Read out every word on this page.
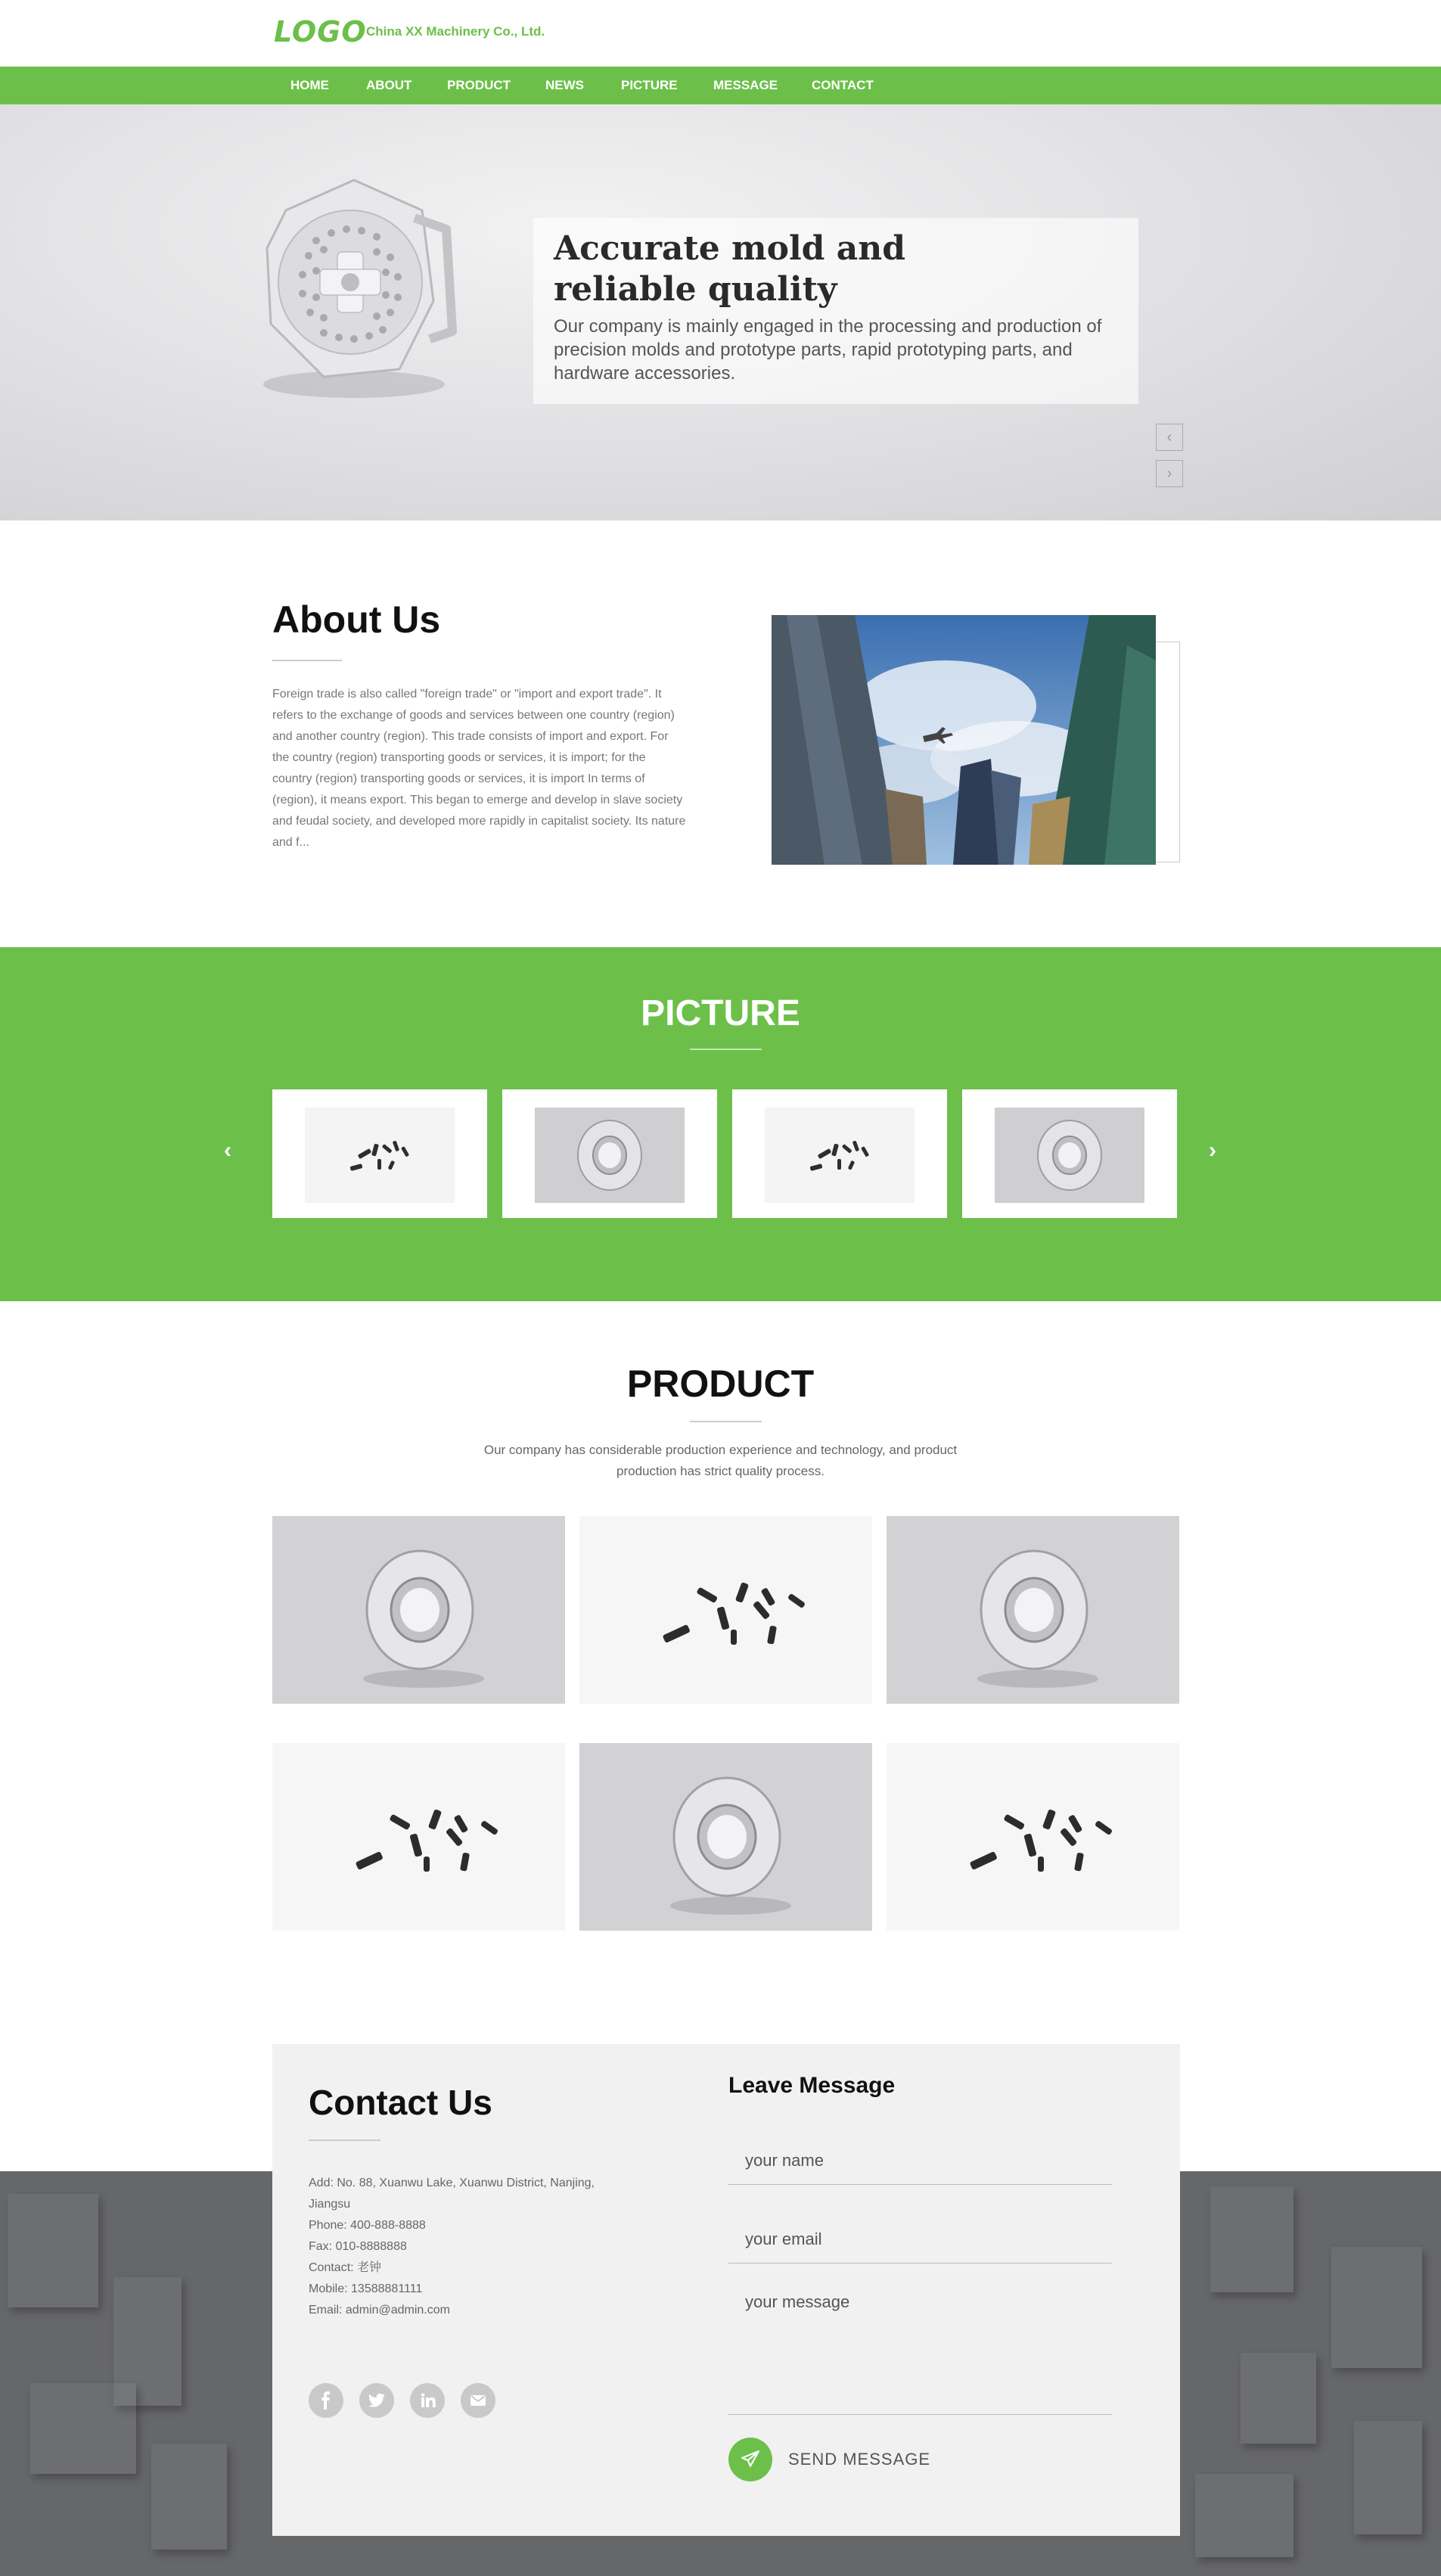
LOGO China XX Machinery Co., Ltd.
HOME	ABOUT	PRODUCT	NEWS	PICTURE	MESSAGE	CONTACT
Accurate mold and reliable quality
Our company is mainly engaged in the processing and production of precision molds and prototype parts, rapid prototyping parts, and hardware accessories.
‹
›
About Us
Foreign trade is also called "foreign trade" or "import and export trade". It refers to the exchange of goods and services between one country (region) and another country (region). This trade consists of import and export. For the country (region) transporting goods or services, it is import; for the country (region) transporting goods or services, it is import In terms of (region), it means export. This began to emerge and develop in slave society and feudal society, and developed more rapidly in capitalist society. Its nature and f...
PICTURE
‹	›
PRODUCT
Our company has considerable production experience and technology, and product production has strict quality process.
Contact Us
Add: No. 88, Xuanwu Lake, Xuanwu District, Nanjing, Jiangsu
Phone: 400-888-8888
Fax: 010-8888888
Contact: 老钟
Mobile: 13588881111
Email: admin@admin.com
Leave Message
your name
your email
your message
SEND MESSAGE
